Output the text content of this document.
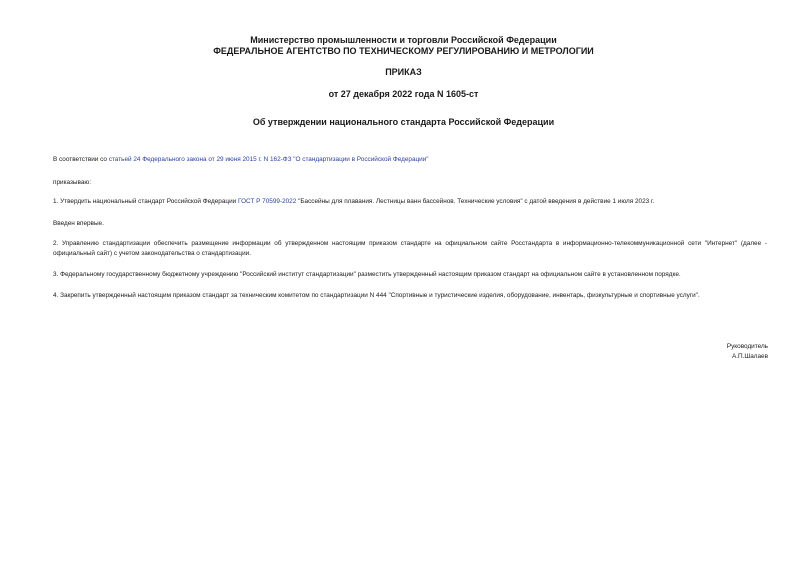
Министерство промышленности и торговли Российской Федерации
ФЕДЕРАЛЬНОЕ АГЕНТСТВО ПО ТЕХНИЧЕСКОМУ РЕГУЛИРОВАНИЮ И МЕТРОЛОГИИ
ПРИКАЗ
от 27 декабря 2022 года N 1605-ст
Об утверждении национального стандарта Российской Федерации
В соответствии со статьей 24 Федерального закона от 29 июня 2015 г. N 162-ФЗ "О стандартизации в Российской Федерации"
приказываю:
1. Утвердить национальный стандарт Российской Федерации ГОСТ Р 70599-2022 "Бассейны для плавания. Лестницы ванн бассейнов. Технические условия" с датой введения в действие 1 июля 2023 г.
Введен впервые.
2. Управлению стандартизации обеспечить размещение информации об утвержденном настоящим приказом стандарте на официальном сайте Росстандарта в информационно-телекоммуникационной сети "Интернет" (далее - официальный сайт) с учетом законодательства о стандартизации.
3. Федеральному государственному бюджетному учреждению "Российский институт стандартизации" разместить утвержденный настоящим приказом стандарт на официальном сайте в установленном порядке.
4. Закрепить утвержденный настоящим приказом стандарт за техническим комитетом по стандартизации N 444 "Спортивные и туристические изделия, оборудование, инвентарь, физкультурные и спортивные услуги".
Руководитель
А.П.Шалаев
